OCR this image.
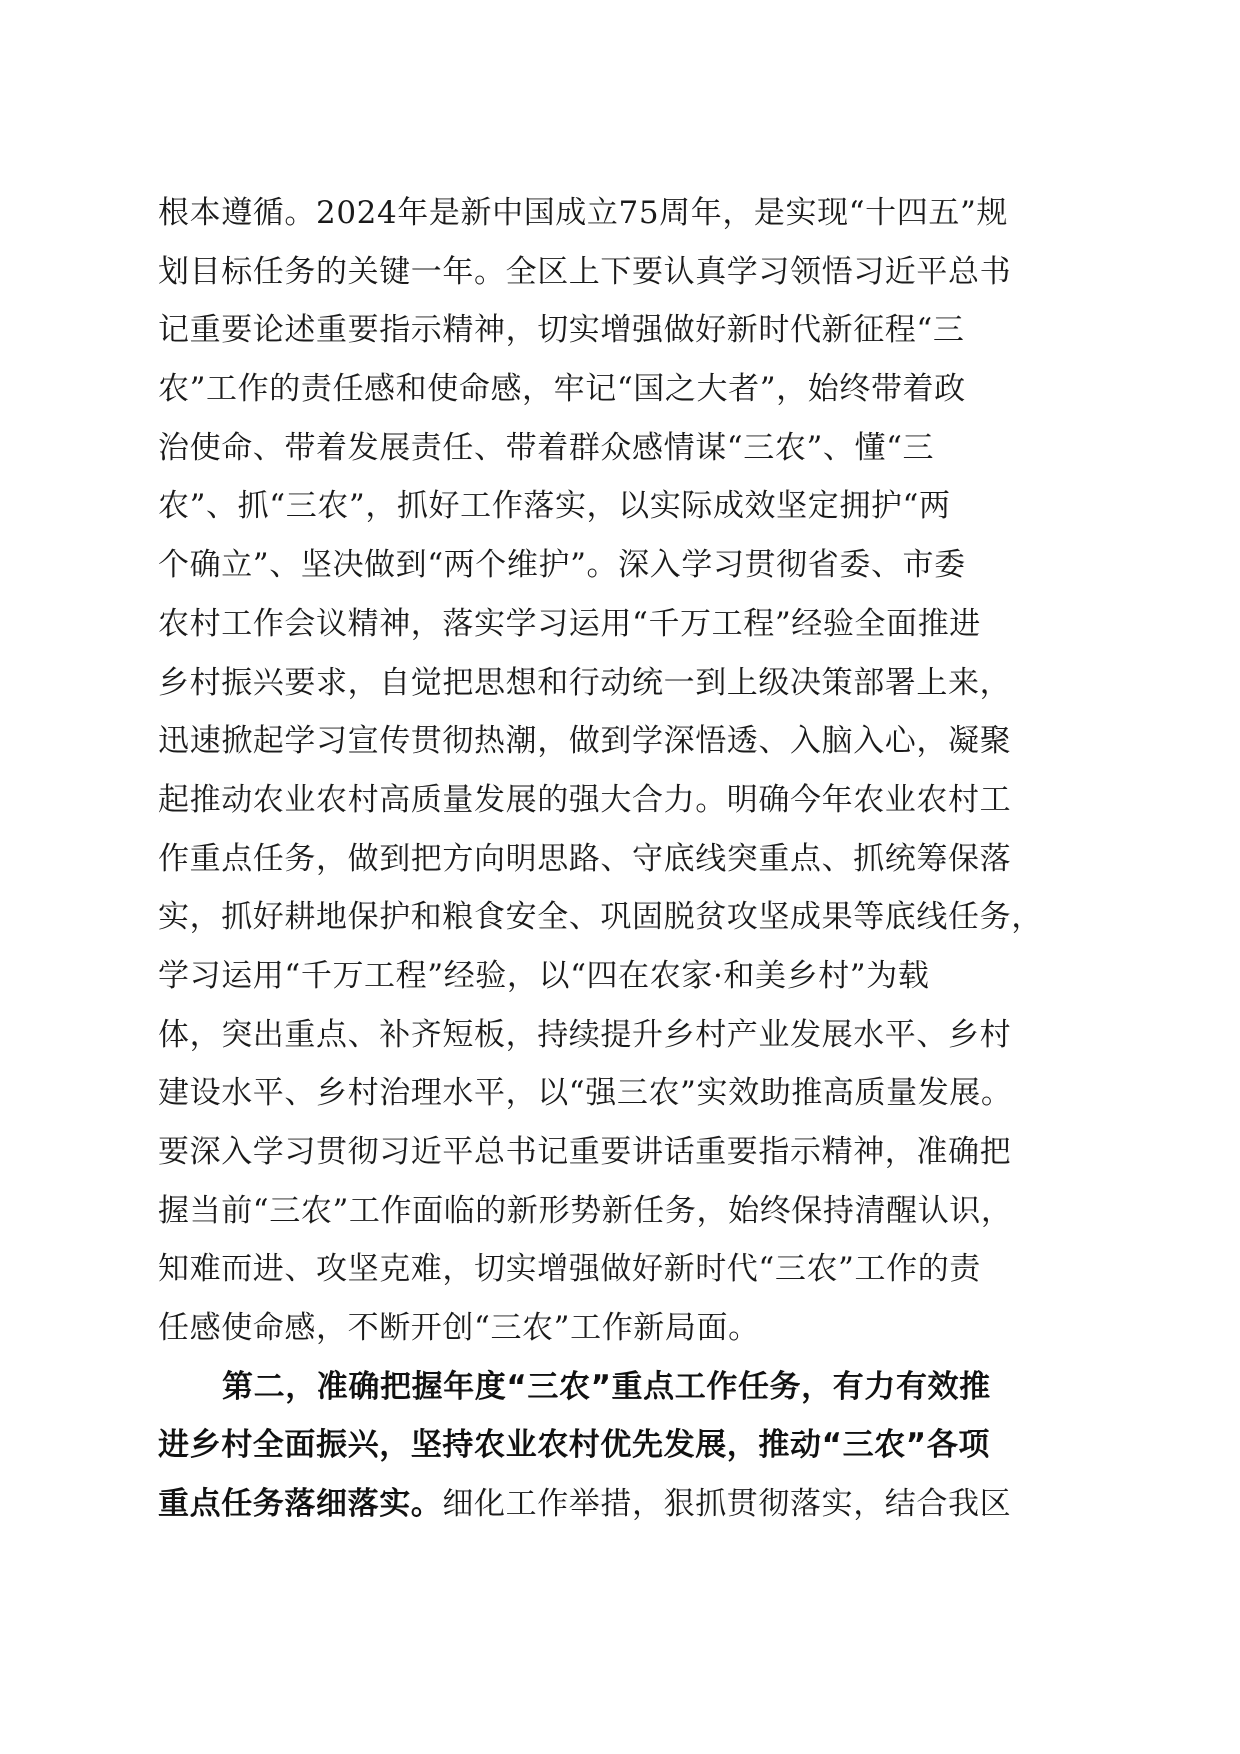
根本遵循。2024年是新中国成立75周年，是实现“十四五”规
划目标任务的关键一年。全区上下要认真学习领悟习近平总书
记重要论述重要指示精神，切实增强做好新时代新征程“三
农”工作的责任感和使命感，牢记“国之大者”，始终带着政
治使命、带着发展责任、带着群众感情谋“三农”、懂“三
农”、抓“三农”，抓好工作落实，以实际成效坚定拥护“两
个确立”、坚决做到“两个维护”。深入学习贯彻省委、市委
农村工作会议精神，落实学习运用“千万工程”经验全面推进
乡村振兴要求，自觉把思想和行动统一到上级决策部署上来，
迅速掀起学习宣传贯彻热潮，做到学深悟透、入脑入心，凝聚
起推动农业农村高质量发展的强大合力。明确今年农业农村工
作重点任务，做到把方向明思路、守底线突重点、抓统筹保落
实，抓好耕地保护和粮食安全、巩固脱贫攻坚成果等底线任务，
学习运用“千万工程”经验，以“四在农家·和美乡村”为载
体，突出重点、补齐短板，持续提升乡村产业发展水平、乡村
建设水平、乡村治理水平，以“强三农”实效助推高质量发展。
要深入学习贯彻习近平总书记重要讲话重要指示精神，准确把
握当前“三农”工作面临的新形势新任务，始终保持清醒认识，
知难而进、攻坚克难，切实增强做好新时代“三农”工作的责
任感使命感，不断开创“三农”工作新局面。
第二，准确把握年度“三农”重点工作任务，有力有效推
进乡村全面振兴，坚持农业农村优先发展，推动“三农”各项
重点任务落细落实。细化工作举措，狠抓贯彻落实，结合我区
